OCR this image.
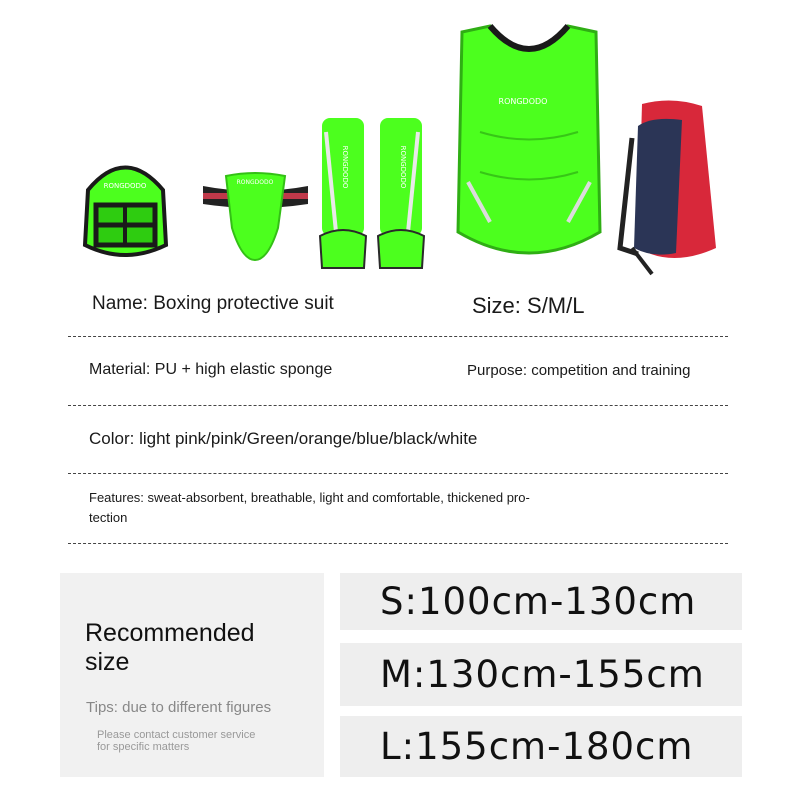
RONGDODO	RONGDODO	RONGDODO	RONGDODO
RONGDODO
Name: Boxing protective suit	Size: S/M/L
Material: PU + high elastic sponge	Purpose: competition and training
Color: light pink/pink/Green/orange/blue/black/white
Features: sweat-absorbent, breathable, light and comfortable, thickened pro-
tection
Recommended
size
Tips: due to different figures
Please contact customer service
for specific matters
S:100cm-130cm
M:130cm-155cm
L:155cm-180cm
